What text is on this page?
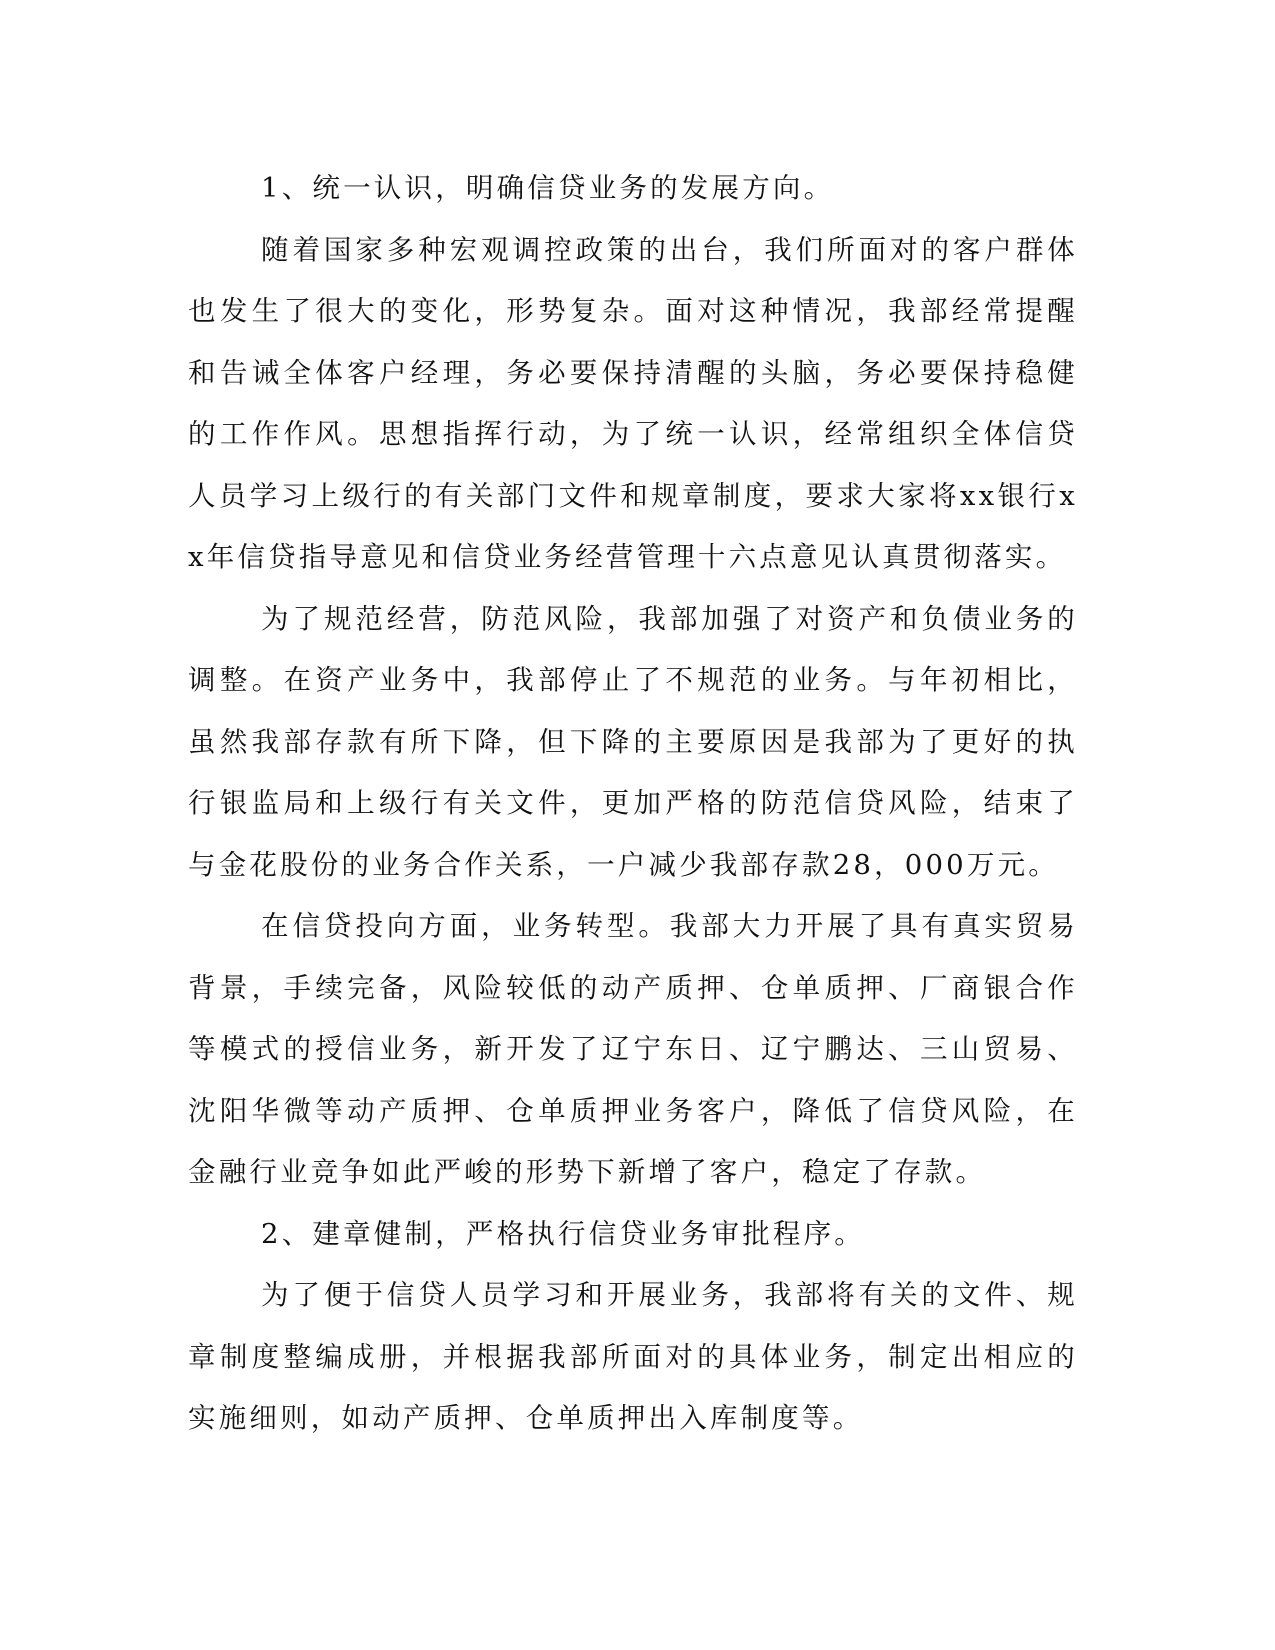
1、统一认识，明确信贷业务的发展方向。

随着国家多种宏观调控政策的出台，我们所面对的客户群体也发生了很大的变化，形势复杂。面对这种情况，我部经常提醒和告诫全体客户经理，务必要保持清醒的头脑，务必要保持稳健的工作作风。思想指挥行动，为了统一认识，经常组织全体信贷人员学习上级行的有关部门文件和规章制度，要求大家将xx银行xx年信贷指导意见和信贷业务经营管理十六点意见认真贯彻落实。

为了规范经营，防范风险，我部加强了对资产和负债业务的调整。在资产业务中，我部停止了不规范的业务。与年初相比，虽然我部存款有所下降，但下降的主要原因是我部为了更好的执行银监局和上级行有关文件，更加严格的防范信贷风险，结束了与金花股份的业务合作关系，一户减少我部存款28，000万元。

在信贷投向方面，业务转型。我部大力开展了具有真实贸易背景，手续完备，风险较低的动产质押、仓单质押、厂商银合作等模式的授信业务，新开发了辽宁东日、辽宁鹏达、三山贸易、沈阳华微等动产质押、仓单质押业务客户，降低了信贷风险，在金融行业竞争如此严峻的形势下新增了客户，稳定了存款。

2、建章健制，严格执行信贷业务审批程序。

为了便于信贷人员学习和开展业务，我部将有关的文件、规章制度整编成册，并根据我部所面对的具体业务，制定出相应的实施细则，如动产质押、仓单质押出入库制度等。
